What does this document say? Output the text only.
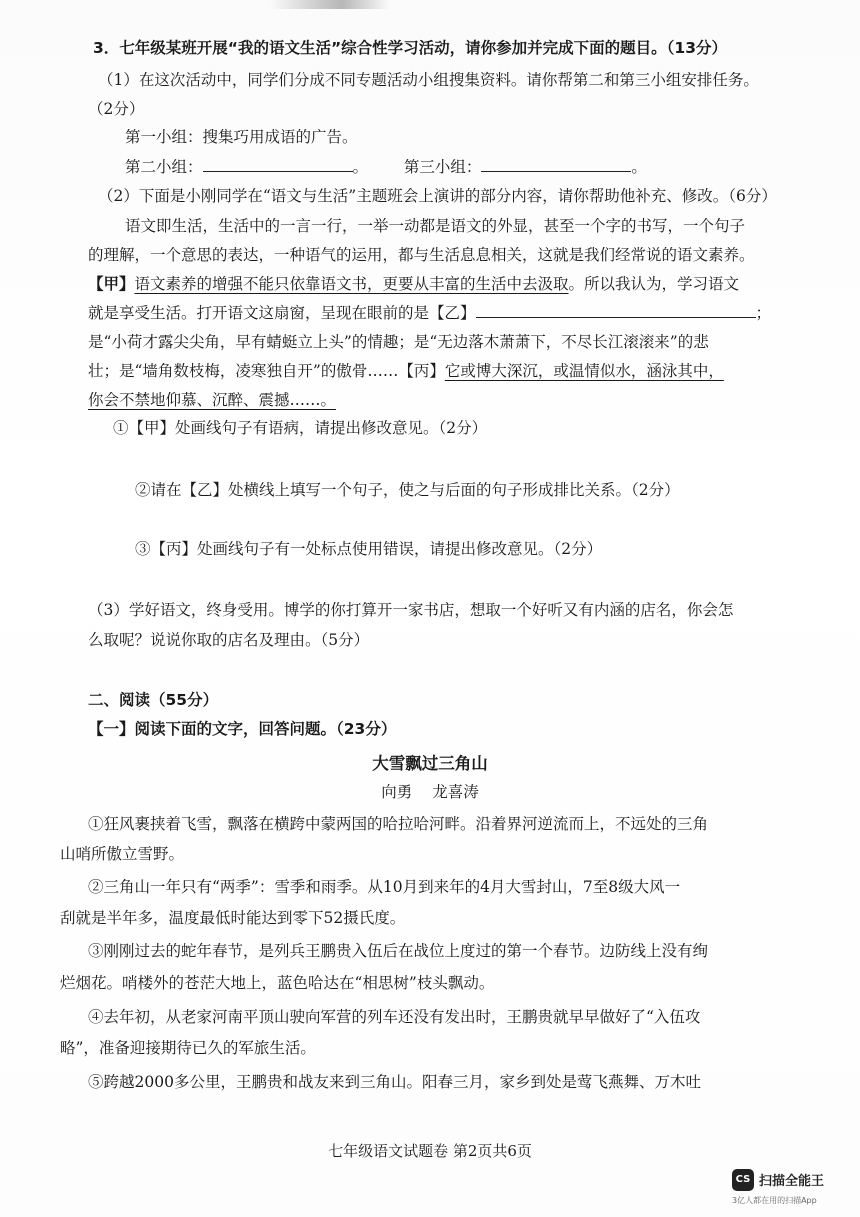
3．七年级某班开展“我的语文生活”综合性学习活动，请你参加并完成下面的题目。（13分）
（1）在这次活动中，同学们分成不同专题活动小组搜集资料。请你帮第二和第三小组安排任务。
（2分）
第一小组：搜集巧用成语的广告。
第二小组：	。 第三小组：	。
（2）下面是小刚同学在“语文与生活”主题班会上演讲的部分内容，请你帮助他补充、修改。（6分）
语文即生活，生活中的一言一行，一举一动都是语文的外显，甚至一个字的书写，一个句子
的理解，一个意思的表达，一种语气的运用，都与生活息息相关，这就是我们经常说的语文素养。
【甲】语文素养的增强不能只依靠语文书，更要从丰富的生活中去汲取。所以我认为，学习语文
就是享受生活。打开语文这扇窗，呈现在眼前的是【乙】	；
是“小荷才露尖尖角，早有蜻蜓立上头”的情趣；是“无边落木萧萧下，不尽长江滚滚来”的悲
壮；是“墙角数枝梅，凌寒独自开”的傲骨……【丙】它或博大深沉，或温情似水，涵泳其中，
你会不禁地仰慕、沉醉、震撼……。
①【甲】处画线句子有语病，请提出修改意见。（2分）
②请在【乙】处横线上填写一个句子，使之与后面的句子形成排比关系。（2分）
③【丙】处画线句子有一处标点使用错误，请提出修改意见。（2分）
（3）学好语文，终身受用。博学的你打算开一家书店，想取一个好听又有内涵的店名，你会怎
么取呢？说说你取的店名及理由。（5分）
二、阅读（55分）
【一】阅读下面的文字，回答问题。（23分）
大雪飘过三角山
向勇 龙喜涛
①狂风裹挟着飞雪，飘落在横跨中蒙两国的哈拉哈河畔。沿着界河逆流而上，不远处的三角
山哨所傲立雪野。
②三角山一年只有“两季”：雪季和雨季。从10月到来年的4月大雪封山，7至8级大风一
刮就是半年多，温度最低时能达到零下52摄氏度。
③刚刚过去的蛇年春节，是列兵王鹏贵入伍后在战位上度过的第一个春节。边防线上没有绚
烂烟花。哨楼外的苍茫大地上，蓝色哈达在“相思树”枝头飘动。
④去年初，从老家河南平顶山驶向军营的列车还没有发出时，王鹏贵就早早做好了“入伍攻
略”，准备迎接期待已久的军旅生活。
⑤跨越2000多公里，王鹏贵和战友来到三角山。阳春三月，家乡到处是莺飞燕舞、万木吐
七年级语文试题卷 第2页共6页
CS 扫描全能王
3亿人都在用的扫描App
